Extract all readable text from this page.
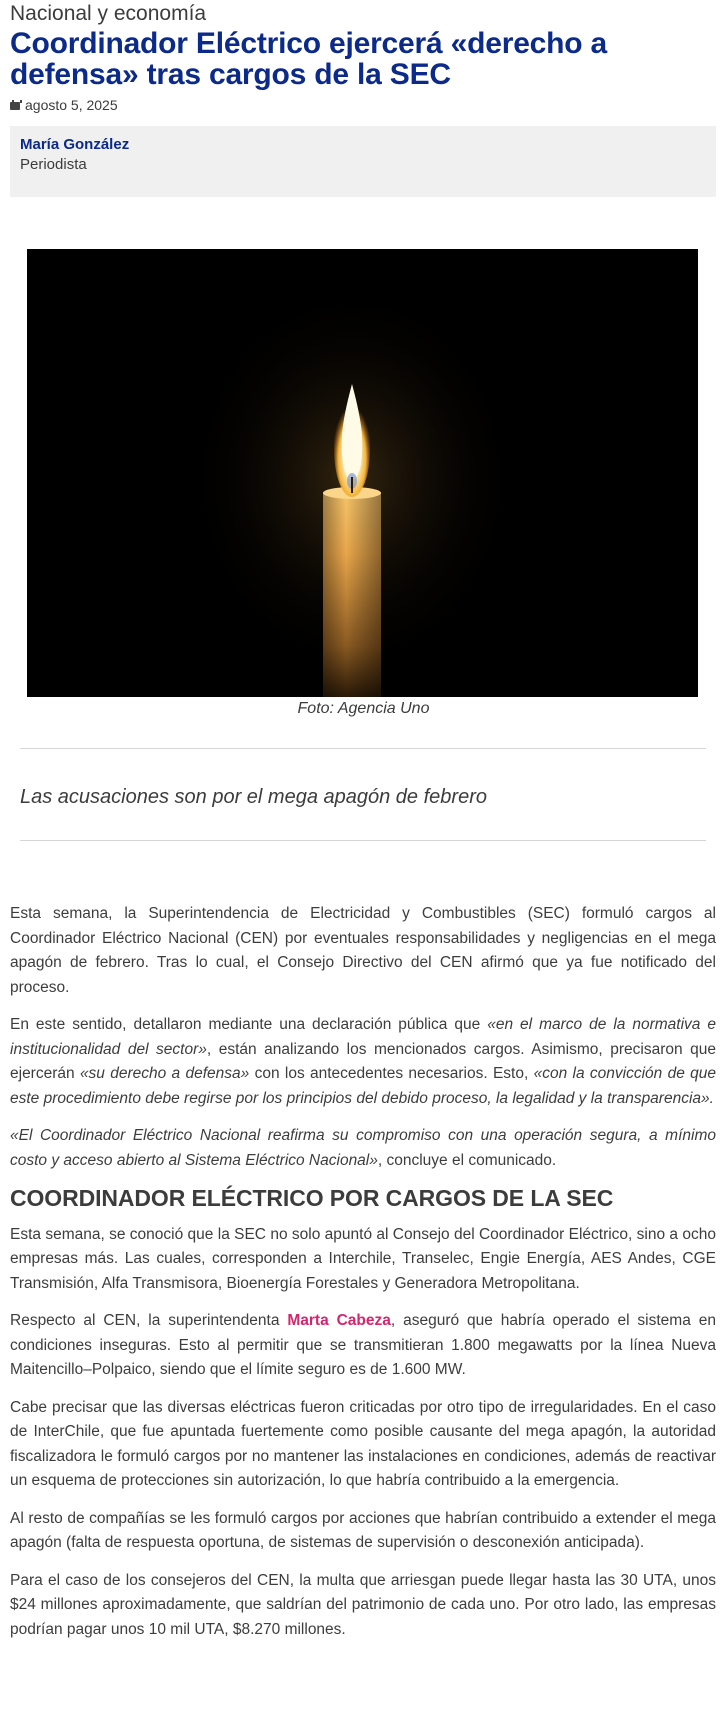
Nacional y economía
Coordinador Eléctrico ejercerá «derecho a defensa» tras cargos de la SEC
agosto 5, 2025
María González
Periodista
Foto: Agencia Uno
Las acusaciones son por el mega apagón de febrero

Esta semana, la Superintendencia de Electricidad y Combustibles (SEC) formuló cargos al Coordinador Eléctrico Nacional (CEN) por eventuales responsabilidades y negligencias en el mega apagón de febrero. Tras lo cual, el Consejo Directivo del CEN afirmó que ya fue notificado del proceso.

En este sentido, detallaron mediante una declaración pública que «en el marco de la normativa e institucionalidad del sector», están analizando los mencionados cargos. Asimismo, precisaron que ejercerán «su derecho a defensa» con los antecedentes necesarios. Esto, «con la convicción de que este procedimiento debe regirse por los principios del debido proceso, la legalidad y la transparencia».

«El Coordinador Eléctrico Nacional reafirma su compromiso con una operación segura, a mínimo costo y acceso abierto al Sistema Eléctrico Nacional», concluye el comunicado.

COORDINADOR ELÉCTRICO POR CARGOS DE LA SEC

Esta semana, se conoció que la SEC no solo apuntó al Consejo del Coordinador Eléctrico, sino a ocho empresas más. Las cuales, corresponden a Interchile, Transelec, Engie Energía, AES Andes, CGE Transmisión, Alfa Transmisora, Bioenergía Forestales y Generadora Metropolitana.

Respecto al CEN, la superintendenta Marta Cabeza, aseguró que habría operado el sistema en condiciones inseguras. Esto al permitir que se transmitieran 1.800 megawatts por la línea Nueva Maitencillo–Polpaico, siendo que el límite seguro es de 1.600 MW.

Cabe precisar que las diversas eléctricas fueron criticadas por otro tipo de irregularidades. En el caso de InterChile, que fue apuntada fuertemente como posible causante del mega apagón, la autoridad fiscalizadora le formuló cargos por no mantener las instalaciones en condiciones, además de reactivar un esquema de protecciones sin autorización, lo que habría contribuido a la emergencia.

Al resto de compañías se les formuló cargos por acciones que habrían contribuido a extender el mega apagón (falta de respuesta oportuna, de sistemas de supervisión o desconexión anticipada).

Para el caso de los consejeros del CEN, la multa que arriesgan puede llegar hasta las 30 UTA, unos $24 millones aproximadamente, que saldrían del patrimonio de cada uno. Por otro lado, las empresas podrían pagar unos 10 mil UTA, $8.270 millones.
